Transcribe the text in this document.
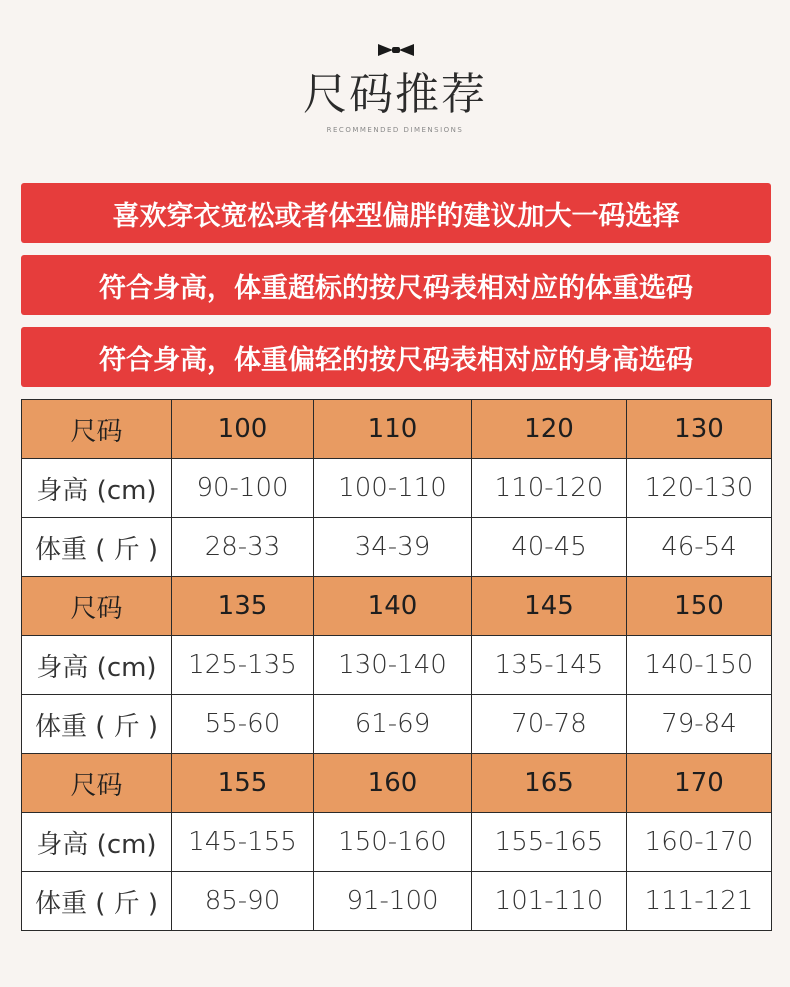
尺码推荐
RECOMMENDED DIMENSIONS
喜欢穿衣宽松或者体型偏胖的建议加大一码选择
符合身高，体重超标的按尺码表相对应的体重选码
符合身高，体重偏轻的按尺码表相对应的身高选码
尺码	100	110	120	130
身高 (cm)	90-100	100-110	110-120	120-130
体重 ( 斤 )	28-33	34-39	40-45	46-54
尺码	135	140	145	150
身高 (cm)	125-135	130-140	135-145	140-150
体重 ( 斤 )	55-60	61-69	70-78	79-84
尺码	155	160	165	170
身高 (cm)	145-155	150-160	155-165	160-170
体重 ( 斤 )	85-90	91-100	101-110	111-121
